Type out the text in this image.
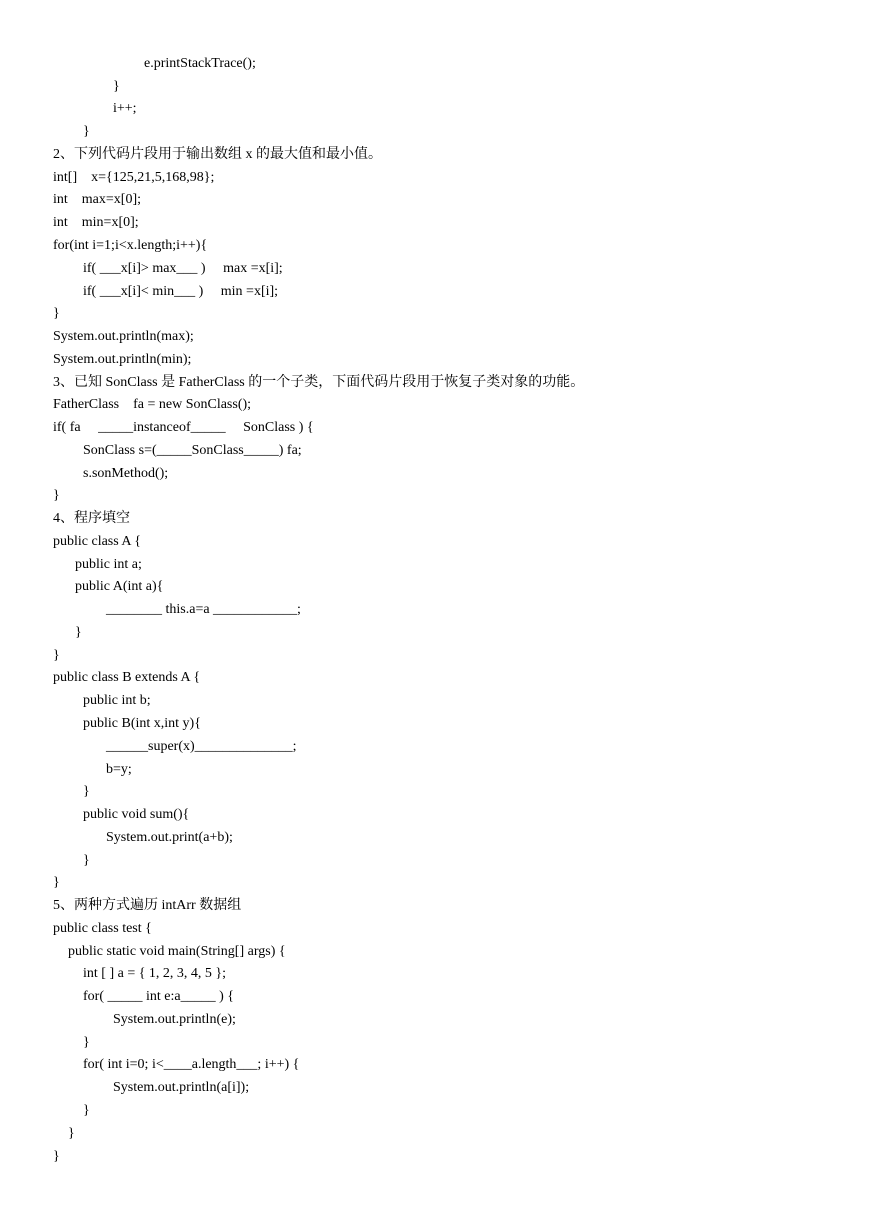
e.printStackTrace();
}
i++;
}
2、下列代码片段用于输出数组 x 的最大值和最小值。
int[]    x={125,21,5,168,98};
int    max=x[0];
int    min=x[0];
for(int i=1;i<x.length;i++){
if( ___x[i]> max___ )     max =x[i];
if( ___x[i]< min___ )     min =x[i];
}
System.out.println(max);
System.out.println(min);
3、已知 SonClass 是 FatherClass 的一个子类，下面代码片段用于恢复子类对象的功能。
FatherClass    fa = new SonClass();
if( fa     _____instanceof_____     SonClass ) {
SonClass s=(_____SonClass_____) fa;
s.sonMethod();
}
4、程序填空
public class A {
public int a;
public A(int a){
________ this.a=a ____________;
}
}
public class B extends A {
public int b;
public B(int x,int y){
______super(x)______________;
b=y;
}
public void sum(){
System.out.print(a+b);
}
}
5、两种方式遍历 intArr 数据组
public class test {
public static void main(String[] args) {
int [ ] a = { 1, 2, 3, 4, 5 };
for( _____ int e:a_____ ) {
System.out.println(e);
}
for( int i=0; i<____a.length___; i++) {
System.out.println(a[i]);
}
}
}
